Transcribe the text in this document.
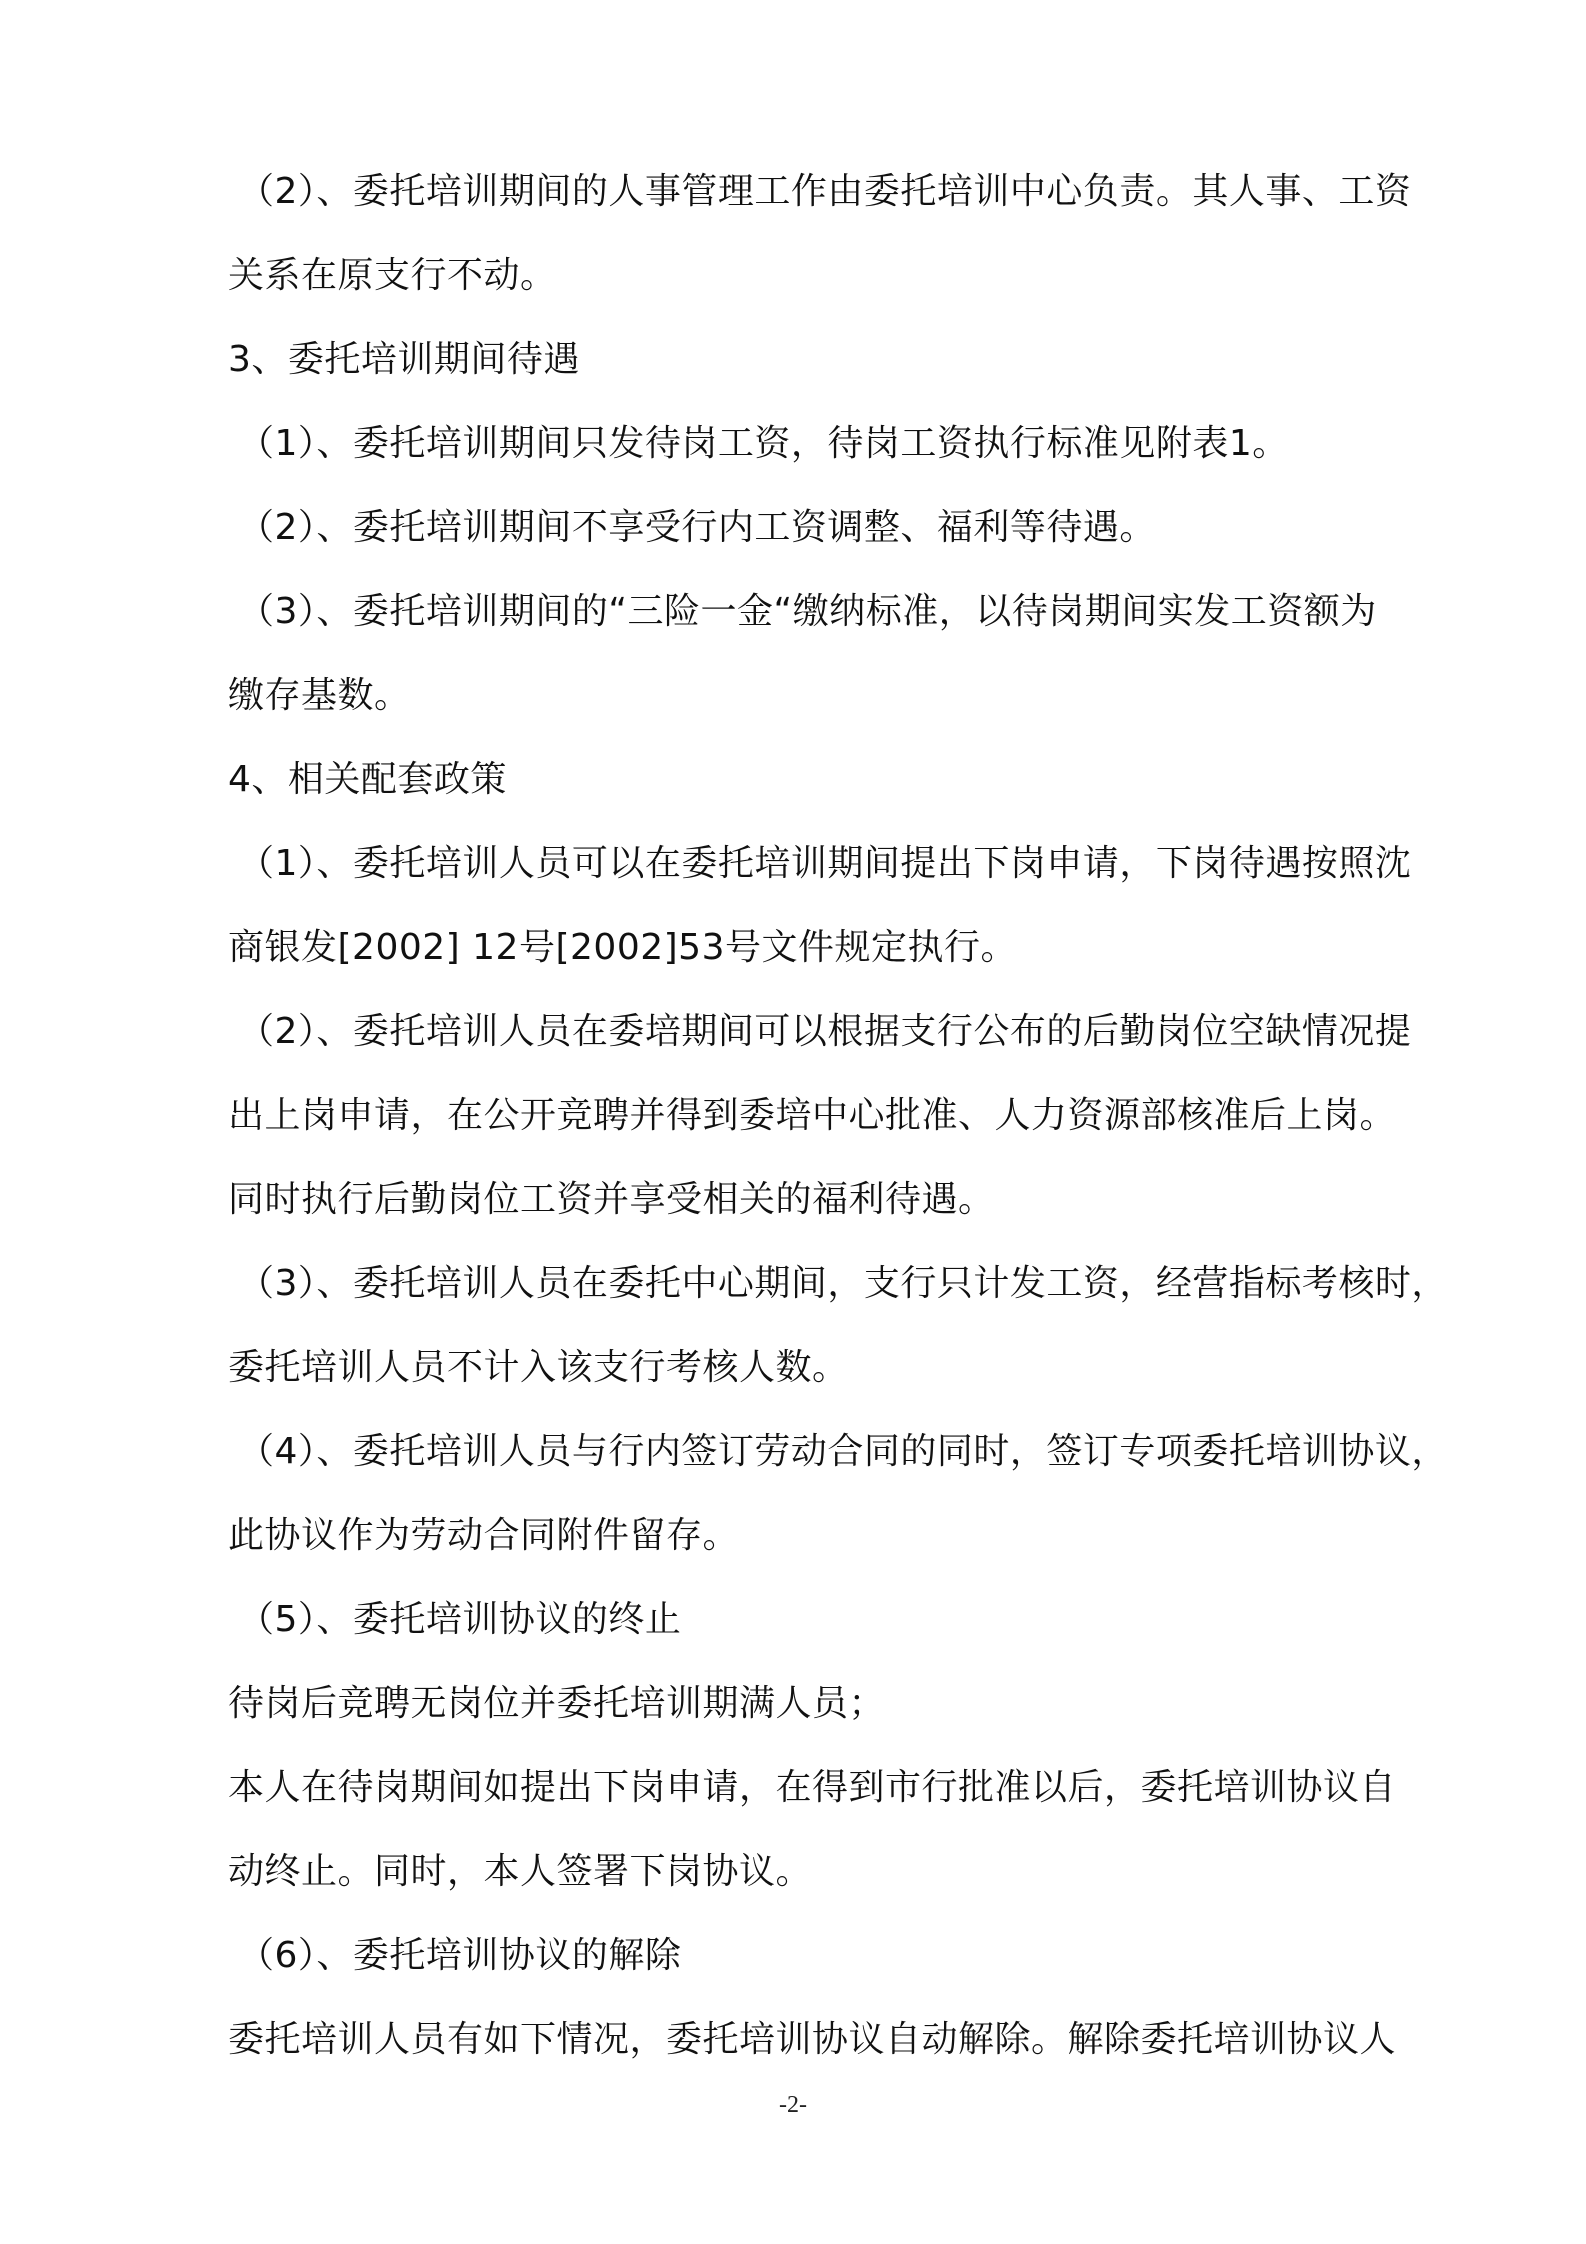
（2）、委托培训期间的人事管理工作由委托培训中心负责。其人事、工资
关系在原支行不动。
3、委托培训期间待遇
（1）、委托培训期间只发待岗工资，待岗工资执行标准见附表1。
（2）、委托培训期间不享受行内工资调整、福利等待遇。
（3）、委托培训期间的“三险一金“缴纳标准，以待岗期间实发工资额为
缴存基数。
4、相关配套政策
（1）、委托培训人员可以在委托培训期间提出下岗申请，下岗待遇按照沈
商银发[2002] 12号[2002]53号文件规定执行。
（2）、委托培训人员在委培期间可以根据支行公布的后勤岗位空缺情况提
出上岗申请，在公开竞聘并得到委培中心批准、人力资源部核准后上岗。
同时执行后勤岗位工资并享受相关的福利待遇。
（3）、委托培训人员在委托中心期间，支行只计发工资，经营指标考核时，
委托培训人员不计入该支行考核人数。
（4）、委托培训人员与行内签订劳动合同的同时，签订专项委托培训协议，
此协议作为劳动合同附件留存。
（5）、委托培训协议的终止
待岗后竞聘无岗位并委托培训期满人员；
本人在待岗期间如提出下岗申请，在得到市行批准以后，委托培训协议自
动终止。同时，本人签署下岗协议。
（6）、委托培训协议的解除
委托培训人员有如下情况，委托培训协议自动解除。解除委托培训协议人
-2-
